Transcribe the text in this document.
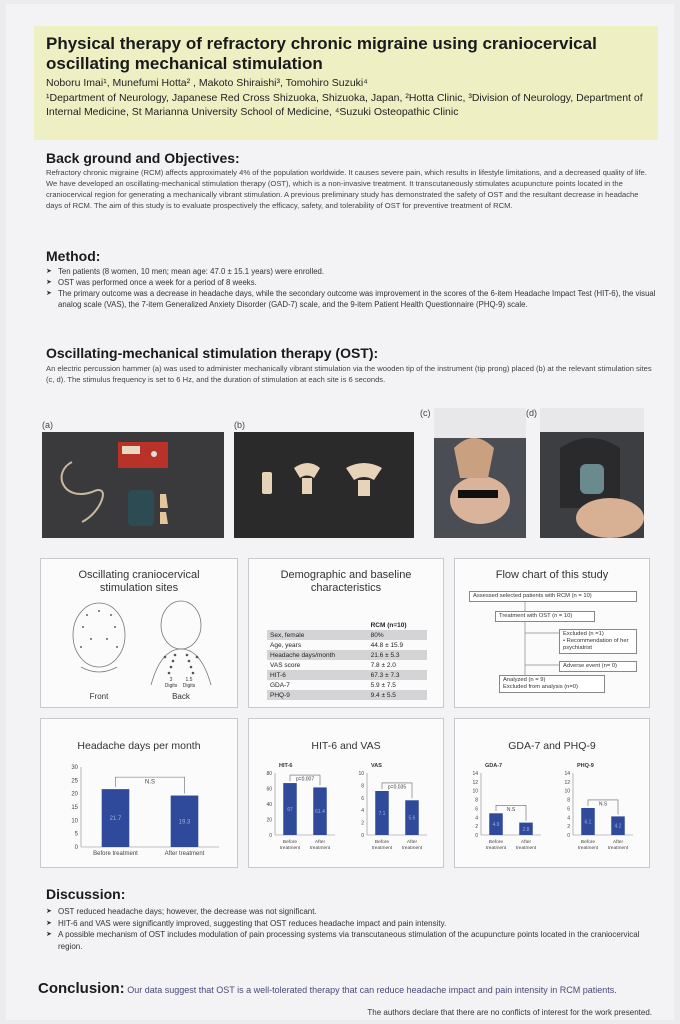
Physical therapy of refractory chronic migraine using craniocervical oscillating mechanical stimulation
Noboru Imai¹, Munefumi Hotta² , Makoto Shiraishi³, Tomohiro Suzuki⁴
¹Department of Neurology, Japanese Red Cross Shizuoka, Shizuoka, Japan, ²Hotta Clinic, ³Division of Neurology, Department of Internal Medicine, St Marianna University School of Medicine, ⁴Suzuki Osteopathic Clinic
Back ground and Objectives:
Refractory chronic migraine (RCM) affects approximately 4% of the population worldwide. It causes severe pain, which results in lifestyle limitations, and a decreased quality of life. We have developed an oscillating-mechanical stimulation therapy (OST), which is a non-invasive treatment. It transcutaneously stimulates acupuncture points located in the craniocervical region for generating a mechanically vibrant stimulation. A previous preliminary study has demonstrated the safety of OST and the resultant decrease in headache days of RCM. The aim of this study is to evaluate prospectively the efficacy, safety, and tolerability of OST for preventive treatment of RCM.
Method:
➤ Ten patients (8 women, 10 men; mean age: 47.0 ± 15.1 years) were enrolled.
➤ OST was performed once a week for a period of 8 weeks.
➤ The primary outcome was a decrease in headache days, while the secondary outcome was improvement in the scores of the 6-item Headache Impact Test (HIT-6), the visual analog scale (VAS), the 7-item Generalized Anxiety Disorder (GAD-7) scale, and the 9-item Patient Health Questionnaire (PHQ-9) scale.
Oscillating-mechanical stimulation therapy (OST):
An electric percussion hammer (a) was used to administer mechanically vibrant stimulation via the wooden tip of the instrument (tip prong) placed (b) at the relevant stimulation sites (c, d). The stimulus frequency is set to 6 Hz, and the duration of stimulation at each site is 6 seconds.
(a)	(b)
(c)	(d)
Oscillating craniocervical stimulation sites
Front	Back
3	1.5
Digits Digits
Demographic and baseline characteristics
	RCM (n=10)
Sex, female	80%
Age, years	44.8 ± 15.9
Headache days/month	21.6 ± 5.3
VAS score	7.8 ± 2.0
HIT-6	67.3 ± 7.3
GDA-7	5.9 ± 7.5
PHQ-9	9.4 ± 5.5
Flow chart of this study
Assessed selected patients with RCM (n = 10)
Treatment with OST (n = 10)
Excluded (n =1)
• Recommendation of her psychiatrist
Adverse event (n= 0)
Analyzed (n = 9)
Excluded from analysis (n=0)
Headache days per month
0
5
10
15
20
25
30
21.7
Before treatment
19.3
After treatment
N.S
HIT-6 and VAS
0
20
40
60
80
67
Before
treatment
61.4
After
treatment
p=0.007
HIT-6
0
2
4
6
8
10
7.1
Before
treatment
5.6
After
treatment
p=0.035
VAS
GDA-7 and PHQ-9
0
2
4
6
8
10
12
14
4.9
Before
treatment
2.8
After
treatment
N.S
GDA-7
0
2
4
6
8
10
12
14
6.1
Before
treatment
4.2
After
treatment
N.S
PHQ-9
Discussion:
➤ OST reduced headache days; however, the decrease was not significant.
➤ HIT-6 and VAS were significantly improved, suggesting that OST reduces headache impact and pain intensity.
➤ A possible mechanism of OST includes modulation of pain processing systems via transcutaneous stimulation of the acupuncture points located in the craniocervical region.
Conclusion: Our data suggest that OST is a well-tolerated therapy that can reduce headache impact and pain intensity in RCM patients.
The authors declare that there are no conflicts of interest for the work presented.
